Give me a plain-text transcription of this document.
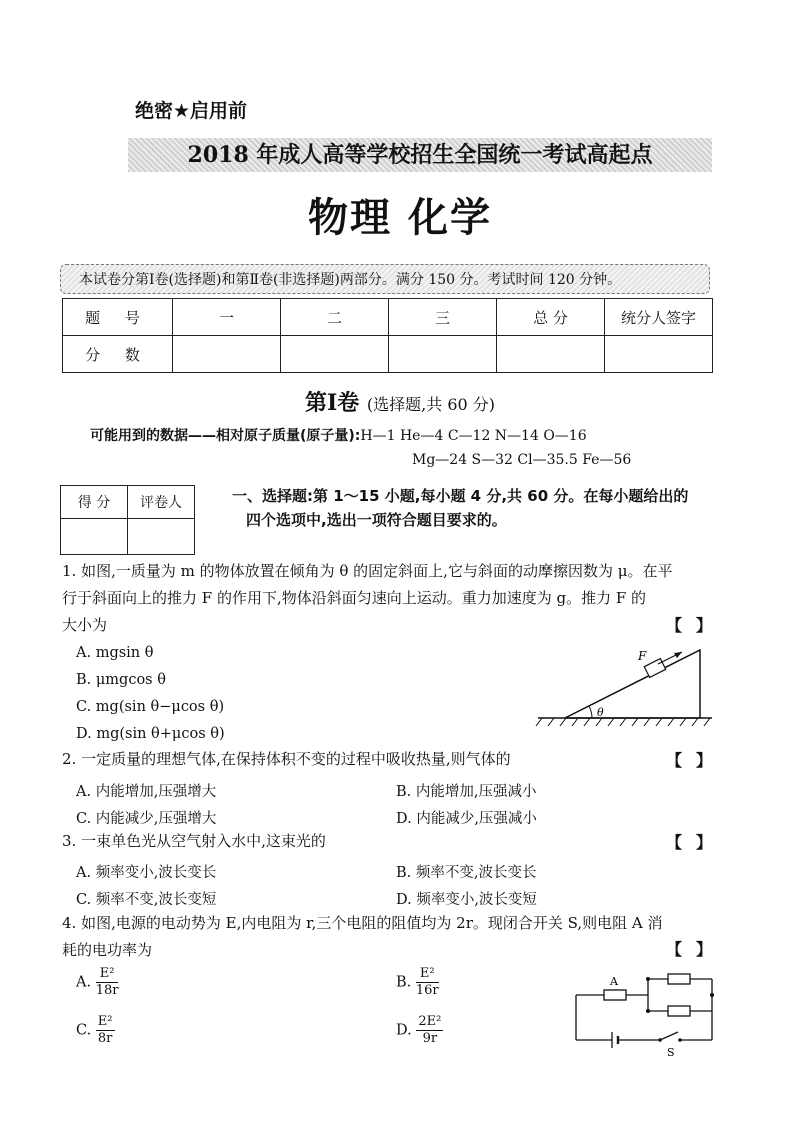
绝密★启用前
2018 年成人高等学校招生全国统一考试高起点
物理 化学
本试卷分第Ⅰ卷(选择题)和第Ⅱ卷(非选择题)两部分。满分 150 分。考试时间 120 分钟。
题 号	一	二	三	总 分	统分人签字
分 数					
第Ⅰ卷 (选择题,共 60 分)
可能用到的数据——相对原子质量(原子量):H—1 He—4 C—12 N—14 O—16
Mg—24 S—32 Cl—35.5 Fe—56
得 分	评卷人
		一、选择题:第 1～15 小题,每小题 4 分,共 60 分。在每小题给出的
四个选项中,选出一项符合题目要求的。
1. 如图,一质量为 m 的物体放置在倾角为 θ 的固定斜面上,它与斜面的动摩擦因数为 μ。在平
行于斜面向上的推力 F 的作用下,物体沿斜面匀速向上运动。重力加速度为 g。推力 F 的
大小为	【】
A. mgsin θ
B. μmgcos θ
C. mg(sin θ−μcos θ)
D. mg(sin θ+μcos θ)
F
θ
2. 一定质量的理想气体,在保持体积不变的过程中吸收热量,则气体的	【】
A. 内能增加,压强增大	B. 内能增加,压强减小
C. 内能减少,压强增大	D. 内能减少,压强减小
3. 一束单色光从空气射入水中,这束光的	【】
A. 频率变小,波长变长	B. 频率不变,波长变长
C. 频率不变,波长变短	D. 频率变小,波长变短
4. 如图,电源的电动势为 E,内电阻为 r,三个电阻的阻值均为 2r。现闭合开关 S,则电阻 A 消
耗的电功率为	【】
A. $\frac{\text{E²}}{18r}$	B. $\frac{\text{E²}}{16r}$
C. $\frac{\text{E²}}{8r}$	D. $\frac{\text{2E²}}{9r}$
A
S
